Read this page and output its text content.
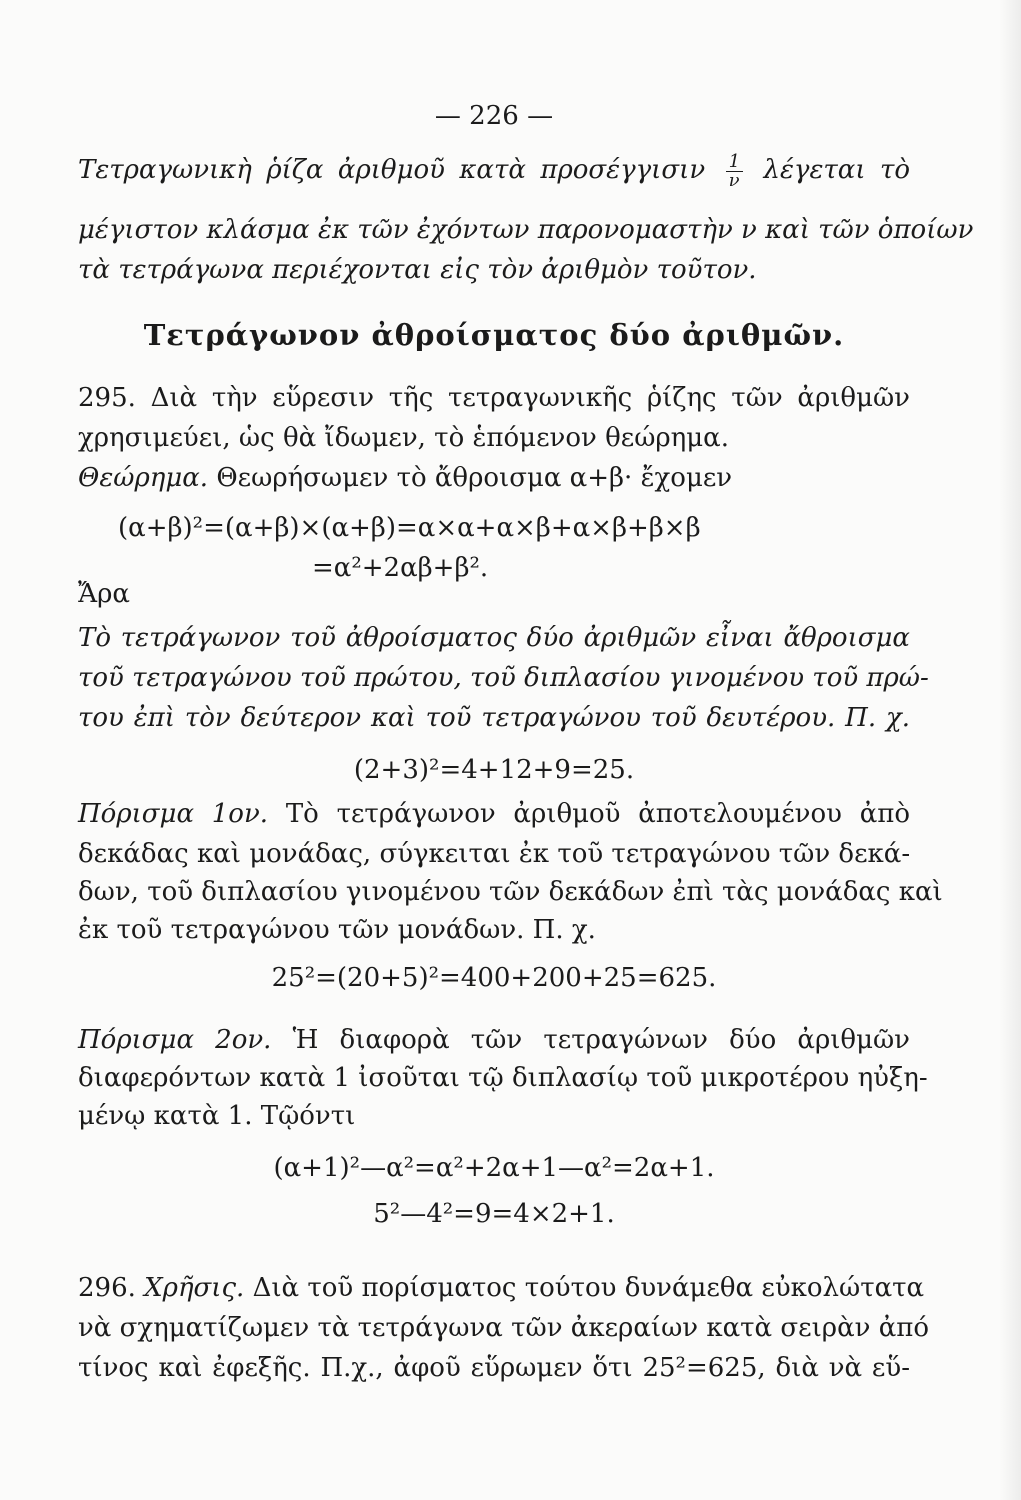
— 226 —
Τετραγωνικὴ ῥίζα ἀριθμοῦ κατὰ προσέγγισιν $\frac{1}{\nu}$ λέγεται τὸ
μέγιστον κλάσμα ἐκ τῶν ἐχόντων παρονομαστὴν ν καὶ τῶν ὁποίων
τὰ τετράγωνα περιέχονται εἰς τὸν ἀριθμὸν τοῦτον.
Τετράγωνον ἀθροίσματος δύο ἀριθμῶν.
295. Διὰ τὴν εὕρεσιν τῆς τετραγωνικῆς ῥίζης τῶν ἀριθμῶν
χρησιμεύει, ὡς θὰ ἴδωμεν, τὸ ἑπόμενον θεώρημα.
Θεώρημα. Θεωρήσωμεν τὸ ἄθροισμα α+β· ἔχομεν
(α+β)²=(α+β)×(α+β)=α×α+α×β+α×β+β×β
=α²+2αβ+β².
Ἄρα
Τὸ τετράγωνον τοῦ ἀθροίσματος δύο ἀριθμῶν εἶναι ἄθροισμα
τοῦ τετραγώνου τοῦ πρώτου, τοῦ διπλασίου γινομένου τοῦ πρώ-
του ἐπὶ τὸν δεύτερον καὶ τοῦ τετραγώνου τοῦ δευτέρου. Π. χ.
(2+3)²=4+12+9=25.
Πόρισμα 1ον. Τὸ τετράγωνον ἀριθμοῦ ἀποτελουμένου ἀπὸ
δεκάδας καὶ μονάδας, σύγκειται ἐκ τοῦ τετραγώνου τῶν δεκά-
δων, τοῦ διπλασίου γινομένου τῶν δεκάδων ἐπὶ τὰς μονάδας καὶ
ἐκ τοῦ τετραγώνου τῶν μονάδων. Π. χ.
25²=(20+5)²=400+200+25=625.
Πόρισμα 2ον. Ἡ διαφορὰ τῶν τετραγώνων δύο ἀριθμῶν
διαφερόντων κατὰ 1 ἰσοῦται τῷ διπλασίῳ τοῦ μικροτέρου ηὐξη-
μένῳ κατὰ 1. Τῷόντι
(α+1)²—α²=α²+2α+1—α²=2α+1.
5²—4²=9=4×2+1.
296. Χρῆσις. Διὰ τοῦ πορίσματος τούτου δυνάμεθα εὐκολώτατα
νὰ σχηματίζωμεν τὰ τετράγωνα τῶν ἀκεραίων κατὰ σειρὰν ἀπό
τίνος καὶ ἐφεξῆς. Π.χ., ἀφοῦ εὕρωμεν ὅτι 25²=625, διὰ νὰ εὕ-
